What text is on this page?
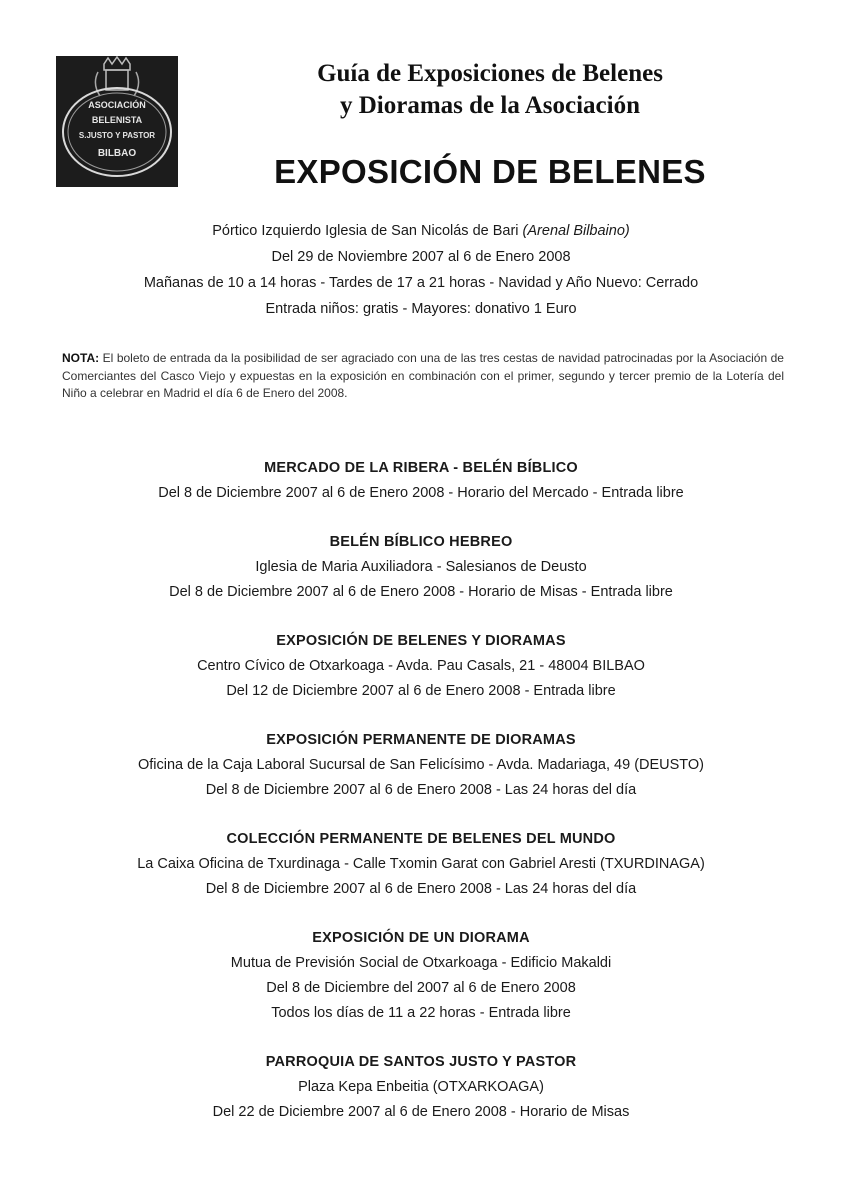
ASOCIACIÓN
BELENISTA
S.JUSTO Y PASTOR
BILBAO
Guía de Exposiciones de Belenes
y Dioramas de la Asociación
EXPOSICIÓN DE BELENES
Pórtico Izquierdo Iglesia de San Nicolás de Bari (Arenal Bilbaino)
Del 29 de Noviembre 2007 al 6 de Enero 2008
Mañanas de 10 a 14 horas - Tardes de 17 a 21 horas - Navidad y Año Nuevo: Cerrado
Entrada niños: gratis - Mayores: donativo 1 Euro
NOTA: El boleto de entrada da la posibilidad de ser agraciado con una de las tres cestas de navidad patrocinadas por la Asociación de Comerciantes del Casco Viejo y expuestas en la exposición en combinación con el primer, segundo y tercer premio de la Lotería del Niño a celebrar en Madrid el día 6 de Enero del 2008.
MERCADO DE LA RIBERA - BELÉN BÍBLICO
Del 8 de Diciembre 2007 al 6 de Enero 2008 - Horario del Mercado - Entrada libre
BELÉN BÍBLICO HEBREO
Iglesia de Maria Auxiliadora - Salesianos de Deusto
Del 8 de Diciembre 2007 al 6 de Enero 2008 - Horario de Misas - Entrada libre
EXPOSICIÓN DE BELENES Y DIORAMAS
Centro Cívico de Otxarkoaga - Avda. Pau Casals, 21 - 48004 BILBAO
Del 12 de Diciembre 2007 al 6 de Enero 2008 - Entrada libre
EXPOSICIÓN PERMANENTE DE DIORAMAS
Oficina de la Caja Laboral Sucursal de San Felicísimo - Avda. Madariaga, 49 (DEUSTO)
Del 8 de Diciembre 2007 al 6 de Enero 2008 - Las 24 horas del día
COLECCIÓN PERMANENTE DE BELENES DEL MUNDO
La Caixa Oficina de Txurdinaga - Calle Txomin Garat con Gabriel Aresti (TXURDINAGA)
Del 8 de Diciembre 2007 al 6 de Enero 2008 - Las 24 horas del día
EXPOSICIÓN DE UN DIORAMA
Mutua de Previsión Social de Otxarkoaga - Edificio Makaldi
Del 8 de Diciembre del 2007 al 6 de Enero 2008
Todos los días de 11 a 22 horas - Entrada libre
PARROQUIA DE SANTOS JUSTO Y PASTOR
Plaza Kepa Enbeitia (OTXARKOAGA)
Del 22 de Diciembre 2007 al 6 de Enero 2008 - Horario de Misas
